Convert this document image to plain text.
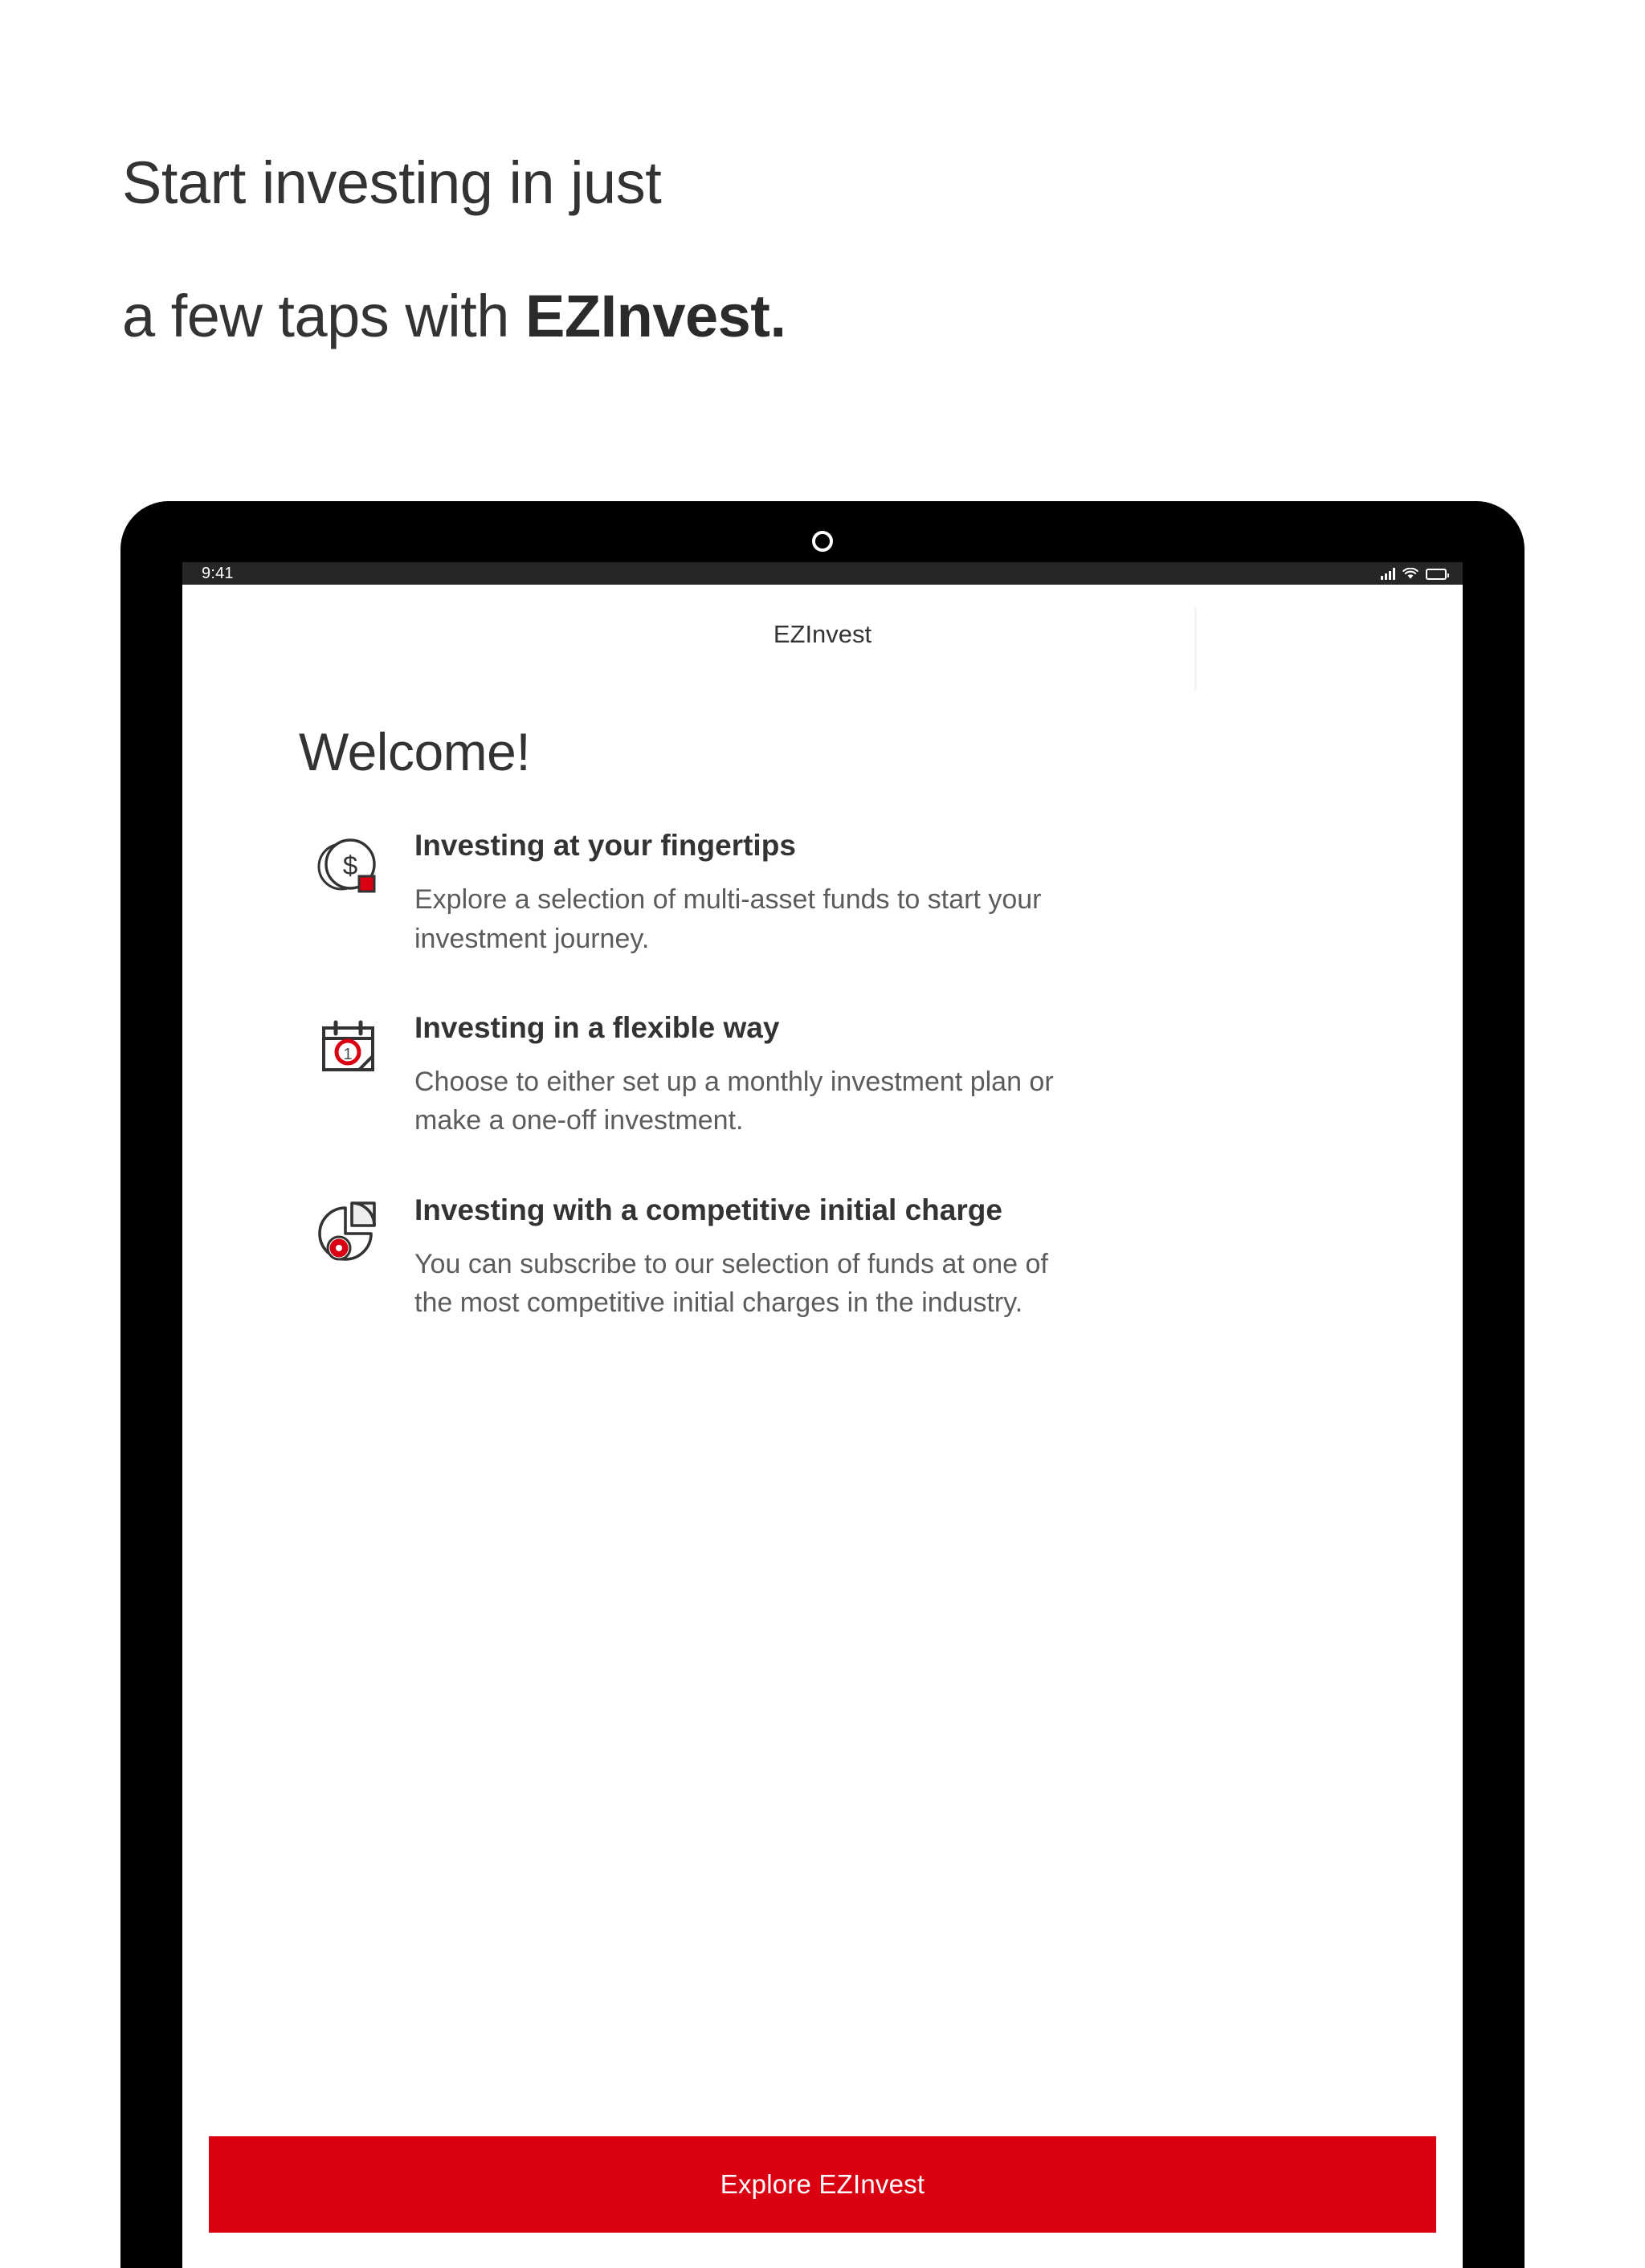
Start investing in just

a few taps with EZInvest.

9:41
EZInvest
Welcome!
$
Investing at your fingertips
Explore a selection of multi-asset funds to start your investment journey.
1
Investing in a flexible way
Choose to either set up a monthly investment plan or make a one-off investment.
Investing with a competitive initial charge
You can subscribe to our selection of funds at one of the most competitive initial charges in the industry.
Explore EZInvest
